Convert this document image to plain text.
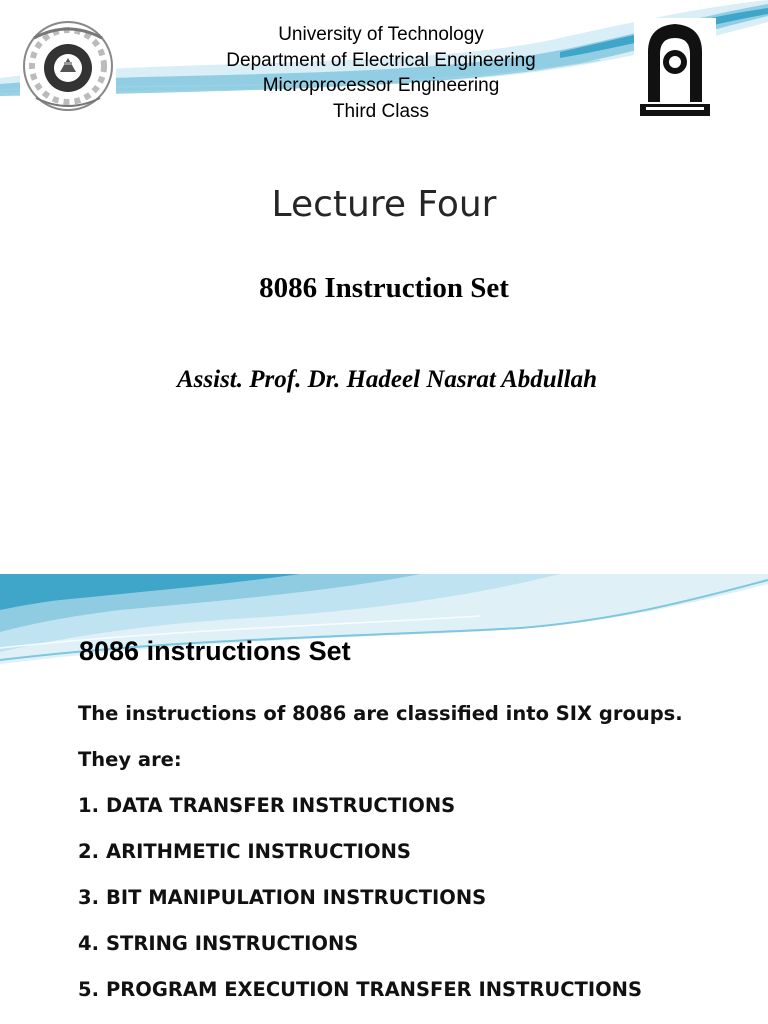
University of Technology
Department of Electrical Engineering
Microprocessor Engineering
Third Class
Lecture Four
8086 Instruction Set
Assist. Prof. Dr. Hadeel Nasrat Abdullah
8086 instructions Set
The instructions of 8086 are classified into SIX groups.
They are:
1. DATA TRANSFER INSTRUCTIONS
2. ARITHMETIC INSTRUCTIONS
3. BIT MANIPULATION INSTRUCTIONS
4. STRING INSTRUCTIONS
5. PROGRAM EXECUTION TRANSFER INSTRUCTIONS
